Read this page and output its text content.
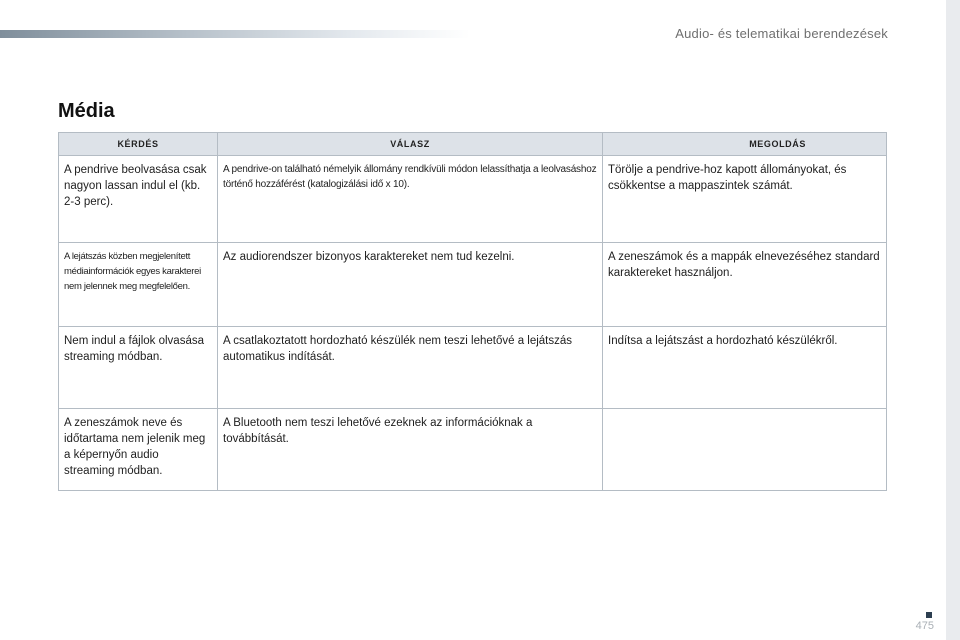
Audio- és telematikai berendezések
Média
KÉRDÉS	VÁLASZ	MEGOLDÁS
A pendrive beolvasása csak nagyon lassan indul el (kb. 2-3 perc).	A pendrive-on található némelyik állomány rendkívüli módon lelassíthatja a leolvasáshoz történő hozzáférést (katalogizálási idő x 10).	Törölje a pendrive-hoz kapott állományokat, és csökkentse a mappaszintek számát.
A lejátszás közben megjelenített médiainformációk egyes karakterei nem jelennek meg megfelelően.	Az audiorendszer bizonyos karaktereket nem tud kezelni.	A zeneszámok és a mappák elnevezéséhez standard karaktereket használjon.
Nem indul a fájlok olvasása streaming módban.	A csatlakoztatott hordozható készülék nem teszi lehetővé a lejátszás automatikus indítását.	Indítsa a lejátszást a hordozható készülékről.
A zeneszámok neve és időtartama nem jelenik meg a képernyőn audio streaming módban.	A Bluetooth nem teszi lehetővé ezeknek az információknak a továbbítását.	
475
